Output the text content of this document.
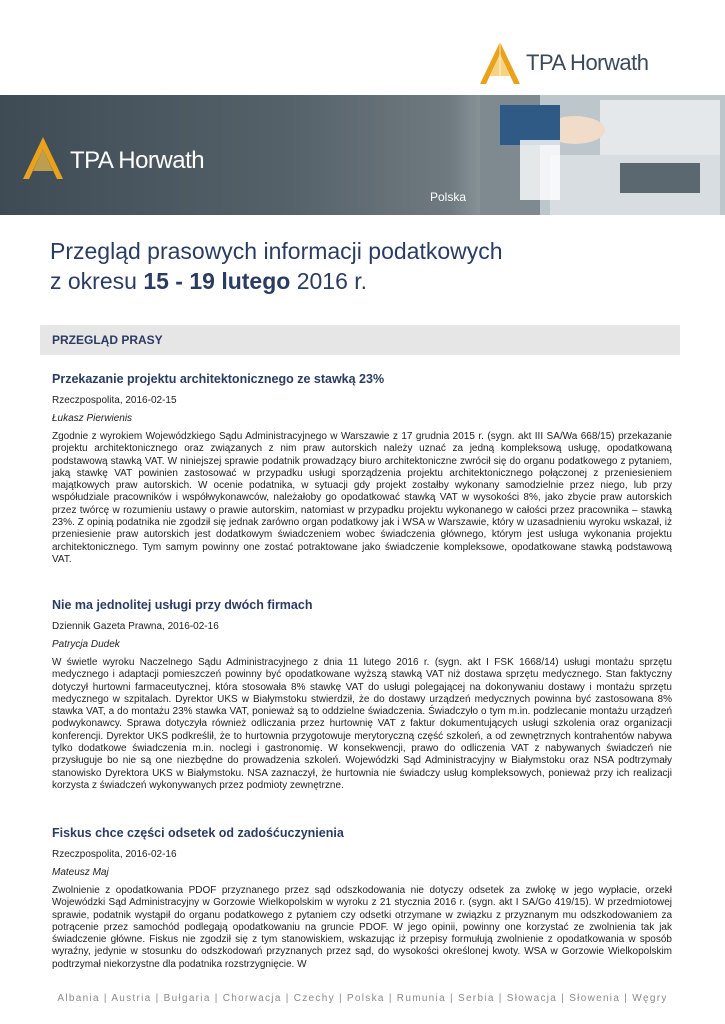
TPA Horwath
TPA Horwath
Polska
Przegląd prasowych informacji podatkowych
z okresu 15 - 19 lutego 2016 r.
PRZEGLĄD PRASY
Przekazanie projektu architektonicznego ze stawką 23%
Rzeczpospolita, 2016-02-15
Łukasz Pierwienis
Zgodnie z wyrokiem Wojewódzkiego Sądu Administracyjnego w Warszawie z 17 grudnia 2015 r. (sygn. akt III SA/Wa 668/15) przekazanie projektu architektonicznego oraz związanych z nim praw autorskich należy uznać za jedną kompleksową usługę, opodatkowaną podstawową stawką VAT. W niniejszej sprawie podatnik prowadzący biuro architektoniczne zwrócił się do organu podatkowego z pytaniem, jaką stawkę VAT powinien zastosować w przypadku usługi sporządzenia projektu architektonicznego połączonej z przeniesieniem majątkowych praw autorskich. W ocenie podatnika, w sytuacji gdy projekt zostałby wykonany samodzielnie przez niego, lub przy współudziale pracowników i współwykonawców, należałoby go opodatkować stawką VAT w wysokości 8%, jako zbycie praw autorskich przez twórcę w rozumieniu ustawy o prawie autorskim, natomiast w przypadku projektu wykonanego w całości przez pracownika – stawką 23%. Z opinią podatnika nie zgodził się jednak zarówno organ podatkowy jak i WSA w Warszawie, który w uzasadnieniu wyroku wskazał, iż przeniesienie praw autorskich jest dodatkowym świadczeniem wobec świadczenia głównego, którym jest usługa wykonania projektu architektonicznego. Tym samym powinny one zostać potraktowane jako świadczenie kompleksowe, opodatkowane stawką podstawową VAT.
Nie ma jednolitej usługi przy dwóch firmach
Dziennik Gazeta Prawna, 2016-02-16
Patrycja Dudek
W świetle wyroku Naczelnego Sądu Administracyjnego z dnia 11 lutego 2016 r. (sygn. akt I FSK 1668/14) usługi montażu sprzętu medycznego i adaptacji pomieszczeń powinny być opodatkowane wyższą stawką VAT niż dostawa sprzętu medycznego. Stan faktyczny dotyczył hurtowni farmaceutycznej, która stosowała 8% stawkę VAT do usługi polegającej na dokonywaniu dostawy i montażu sprzętu medycznego w szpitalach. Dyrektor UKS w Białymstoku stwierdził, że do dostawy urządzeń medycznych powinna być zastosowana 8% stawka VAT, a do montażu 23% stawka VAT, ponieważ są to oddzielne świadczenia. Świadczyło o tym m.in. podzlecanie montażu urządzeń podwykonawcy. Sprawa dotyczyła również odliczania przez hurtownię VAT z faktur dokumentujących usługi szkolenia oraz organizacji konferencji. Dyrektor UKS podkreślił, że to hurtownia przygotowuje merytoryczną część szkoleń, a od zewnętrznych kontrahentów nabywa tylko dodatkowe świadczenia m.in. noclegi i gastronomię. W konsekwencji, prawo do odliczenia VAT z nabywanych świadczeń nie przysługuje bo nie są one niezbędne do prowadzenia szkoleń. Wojewódzki Sąd Administracyjny w Białymstoku oraz NSA podtrzymały stanowisko Dyrektora UKS w Białymstoku. NSA zaznaczył, że hurtownia nie świadczy usług kompleksowych, ponieważ przy ich realizacji korzysta z świadczeń wykonywanych przez podmioty zewnętrzne.
Fiskus chce części odsetek od zadośćuczynienia
Rzeczpospolita, 2016-02-16
Mateusz Maj
Zwolnienie z opodatkowania PDOF przyznanego przez sąd odszkodowania nie dotyczy odsetek za zwłokę w jego wypłacie, orzekł Wojewódzki Sąd Administracyjny w Gorzowie Wielkopolskim w wyroku z 21 stycznia 2016 r. (sygn. akt I SA/Go 419/15). W przedmiotowej sprawie, podatnik wystąpił do organu podatkowego z pytaniem czy odsetki otrzymane w związku z przyznanym mu odszkodowaniem za potrącenie przez samochód podlegają opodatkowaniu na gruncie PDOF. W jego opinii, powinny one korzystać ze zwolnienia tak jak świadczenie główne. Fiskus nie zgodził się z tym stanowiskiem, wskazując iż przepisy formułują zwolnienie z opodatkowania w sposób wyraźny, jedynie w stosunku do odszkodowań przyznanych przez sąd, do wysokości określonej kwoty. WSA w Gorzowie Wielkopolskim podtrzymał niekorzystne dla podatnika rozstrzygnięcie. W
Albania | Austria | Bułgaria | Chorwacja | Czechy | Polska | Rumunia | Serbia | Słowacja | Słowenia | Węgry
